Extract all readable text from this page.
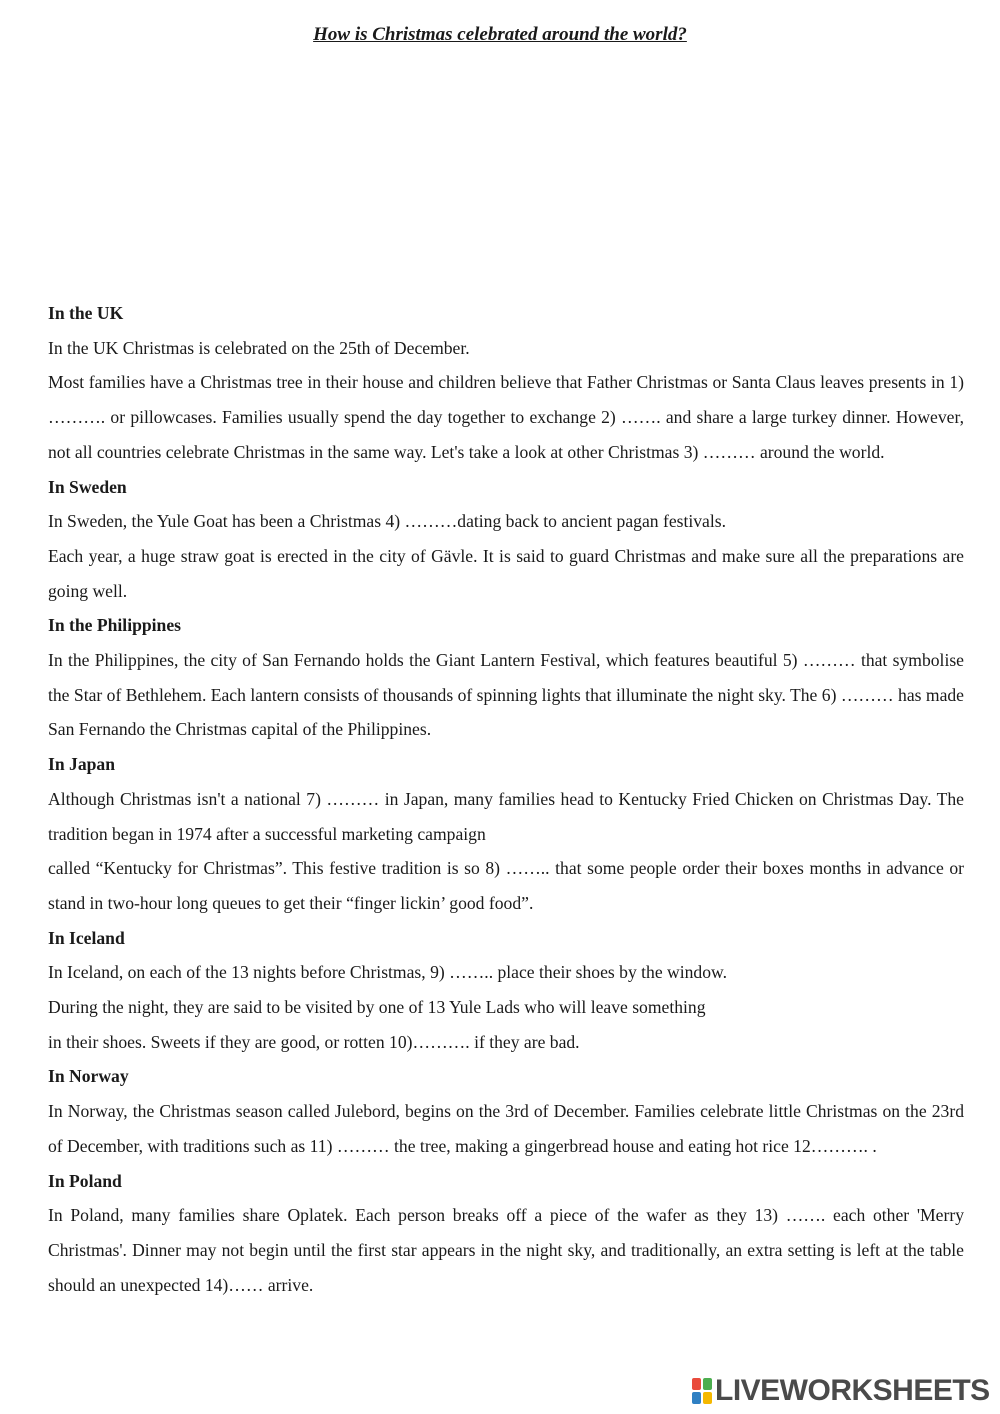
How is Christmas celebrated around the world?

In the UK

In the UK Christmas is celebrated on the 25th of December.

Most families have a Christmas tree in their house and children believe that Father Christmas or Santa Claus leaves presents in 1) ………. or pillowcases. Families usually spend the day together to exchange 2) ……. and share a large turkey dinner. However, not all countries celebrate Christmas in the same way. Let's take a look at other Christmas 3) ……… around the world.

In Sweden

In Sweden, the Yule Goat has been a Christmas 4) ………dating back to ancient pagan festivals.

Each year, a huge straw goat is erected in the city of Gävle. It is said to guard Christmas and make sure all the preparations are going well.

In the Philippines

In the Philippines, the city of San Fernando holds the Giant Lantern Festival, which features beautiful 5) ……… that symbolise the Star of Bethlehem. Each lantern consists of thousands of spinning lights that illuminate the night sky. The 6) ……… has made San Fernando the Christmas capital of the Philippines.

In Japan

Although Christmas isn't a national 7) ……… in Japan, many families head to Kentucky Fried Chicken on Christmas Day. The tradition began in 1974 after a successful marketing campaign

called “Kentucky for Christmas”. This festive tradition is so 8) …….. that some people order their boxes months in advance or stand in two-hour long queues to get their “finger lickin’ good food”.

In Iceland

In Iceland, on each of the 13 nights before Christmas, 9) …….. place their shoes by the window.

During the night, they are said to be visited by one of 13 Yule Lads who will leave something

in their shoes. Sweets if they are good, or rotten 10)………. if they are bad.

In Norway

In Norway, the Christmas season called Julebord, begins on the 3rd of December. Families celebrate little Christmas on the 23rd of December, with traditions such as 11) ……… the tree, making a gingerbread house and eating hot rice 12………. .

In Poland

In Poland, many families share Oplatek. Each person breaks off a piece of the wafer as they 13) ……. each other 'Merry Christmas'. Dinner may not begin until the first star appears in the night sky, and traditionally, an extra setting is left at the table should an unexpected 14)…… arrive.

LIVEWORKSHEETS
